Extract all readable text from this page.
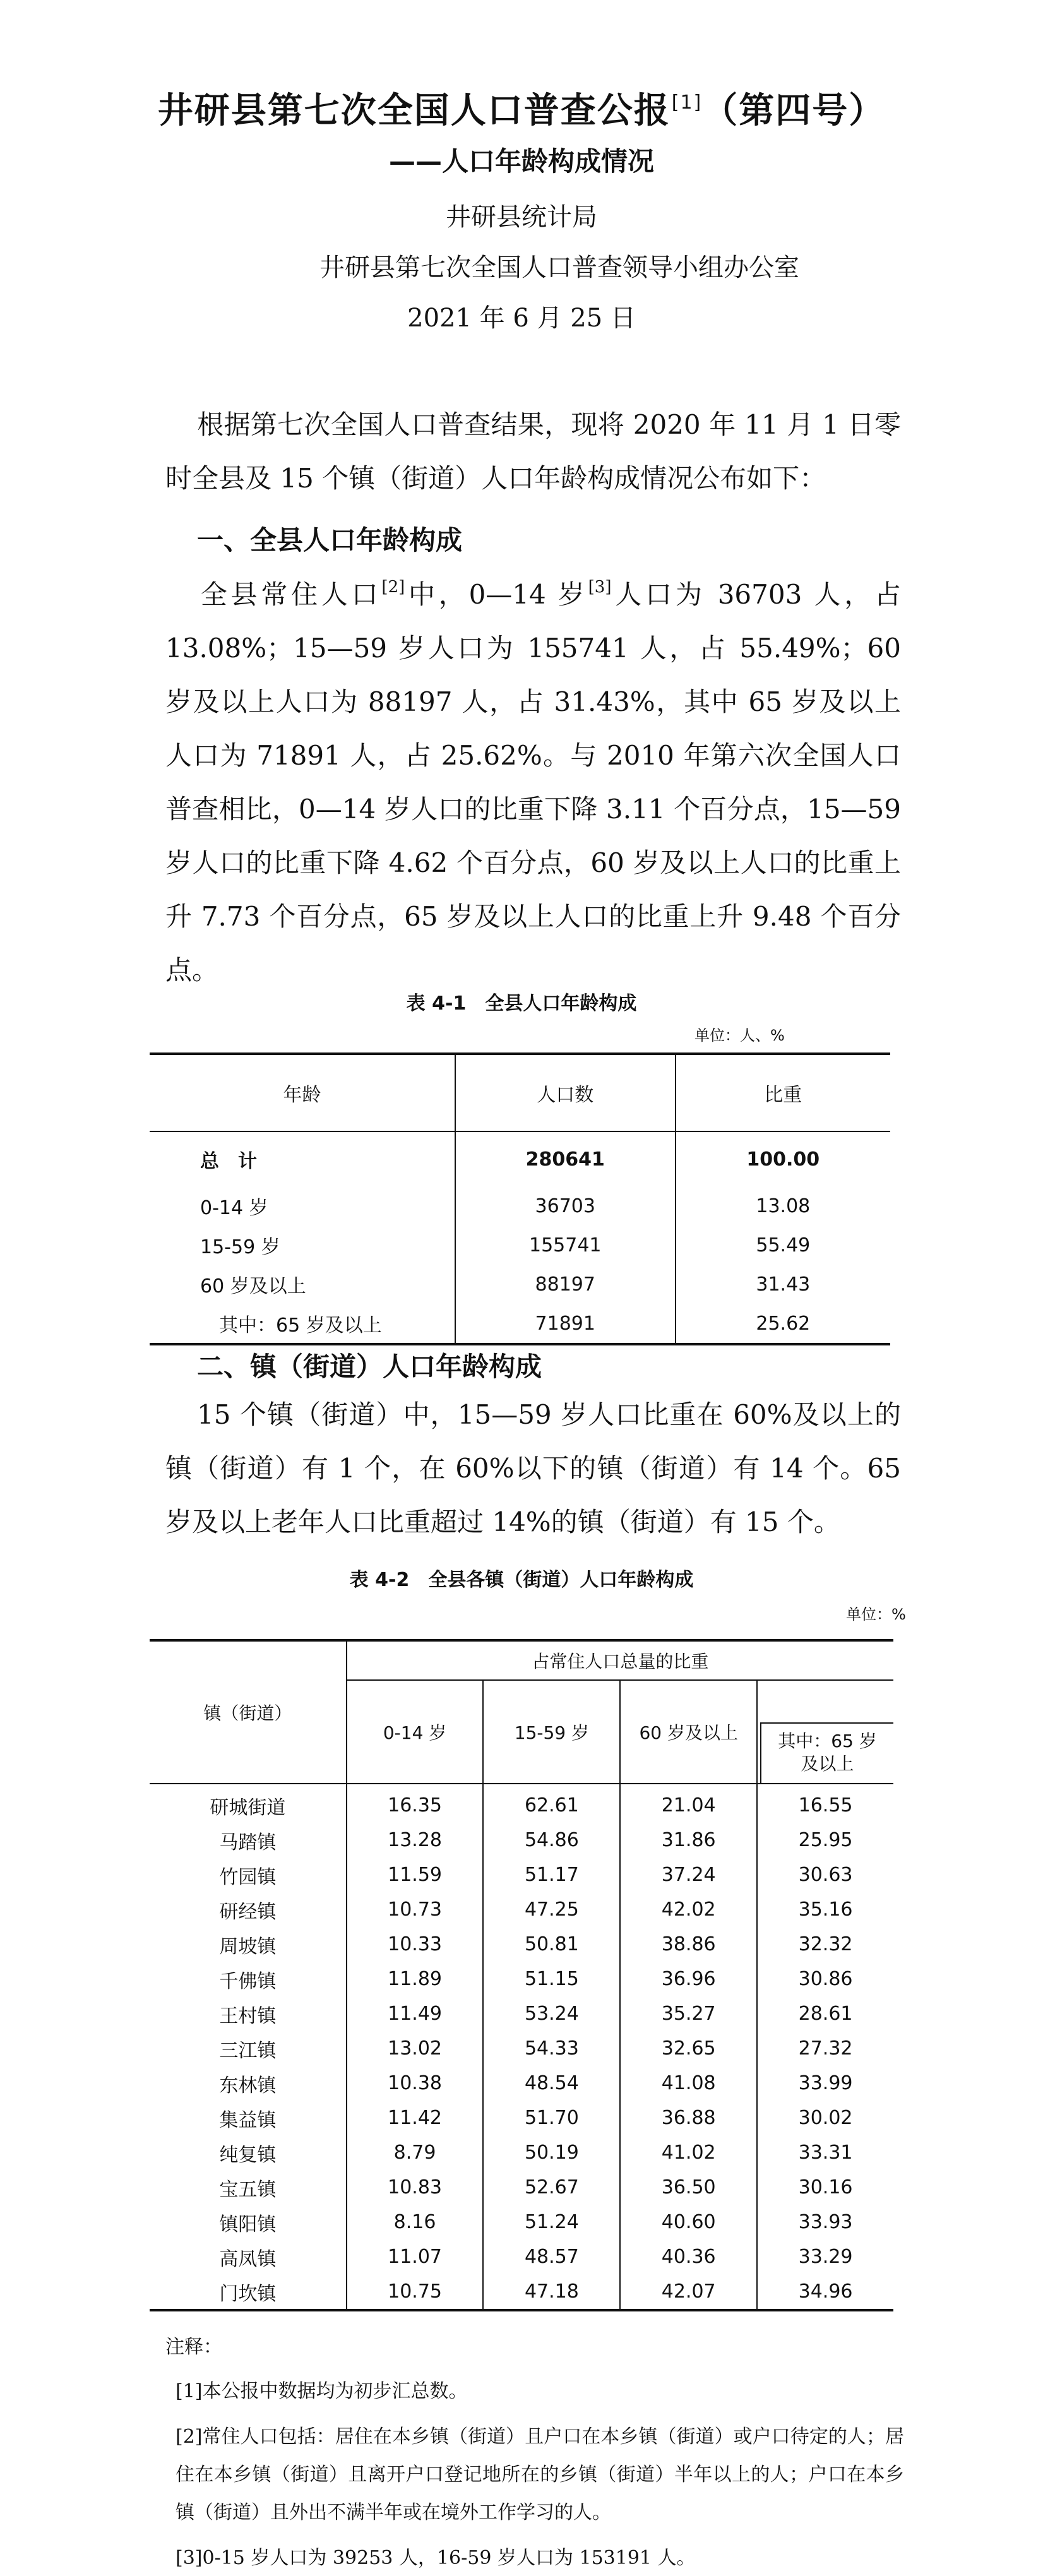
井研县第七次全国人口普查公报[1]（第四号）
——人口年龄构成情况
井研县统计局
井研县第七次全国人口普查领导小组办公室
2021 年 6 月 25 日

根据第七次全国人口普查结果，现将 2020 年 11 月 1 日零时全县及 15 个镇（街道）人口年龄构成情况公布如下：

一、全县人口年龄构成

全县常住人口[2]中，0—14 岁[3]人口为 36703 人，占 13.08%；15—59 岁人口为 155741 人，占 55.49%；60 岁及以上人口为 88197 人，占 31.43%，其中 65 岁及以上人口为 71891 人，占 25.62%。与 2010 年第六次全国人口普查相比，0—14 岁人口的比重下降 3.11 个百分点，15—59 岁人口的比重下降 4.62 个百分点，60 岁及以上人口的比重上升 7.73 个百分点，65 岁及以上人口的比重上升 9.48 个百分点。

表 4-1　全县人口年龄构成
单位：人、%
年龄	人口数	比重
总　计	280641	100.00
0-14 岁	36703	13.08
15-59 岁	155741	55.49
60 岁及以上	88197	31.43
其中：65 岁及以上	71891	25.62
二、镇（街道）人口年龄构成

15 个镇（街道）中，15—59 岁人口比重在 60%及以上的镇（街道）有 1 个，在 60%以下的镇（街道）有 14 个。65 岁及以上老年人口比重超过 14%的镇（街道）有 15 个。

表 4-2　全县各镇（街道）人口年龄构成
单位：%
镇（街道）	占常住人口总量的比重			
	0-14 岁	15-59 岁	60 岁及以上	其中：65 岁及以上

研城街道	16.35	62.61	21.04	16.55
马踏镇	13.28	54.86	31.86	25.95
竹园镇	11.59	51.17	37.24	30.63
研经镇	10.73	47.25	42.02	35.16
周坡镇	10.33	50.81	38.86	32.32
千佛镇	11.89	51.15	36.96	30.86
王村镇	11.49	53.24	35.27	28.61
三江镇	13.02	54.33	32.65	27.32
东林镇	10.38	48.54	41.08	33.99
集益镇	11.42	51.70	36.88	30.02
纯复镇	8.79	50.19	41.02	33.31
宝五镇	10.83	52.67	36.50	30.16
镇阳镇	8.16	51.24	40.60	33.93
高凤镇	11.07	48.57	40.36	33.29
门坎镇	10.75	47.18	42.07	34.96
注释：
[1]本公报中数据均为初步汇总数。
[2]常住人口包括：居住在本乡镇（街道）且户口在本乡镇（街道）或户口待定的人；居住在本乡镇（街道）且离开户口登记地所在的乡镇（街道）半年以上的人；户口在本乡镇（街道）且外出不满半年或在境外工作学习的人。
[3]0-15 岁人口为 39253 人，16-59 岁人口为 153191 人。
